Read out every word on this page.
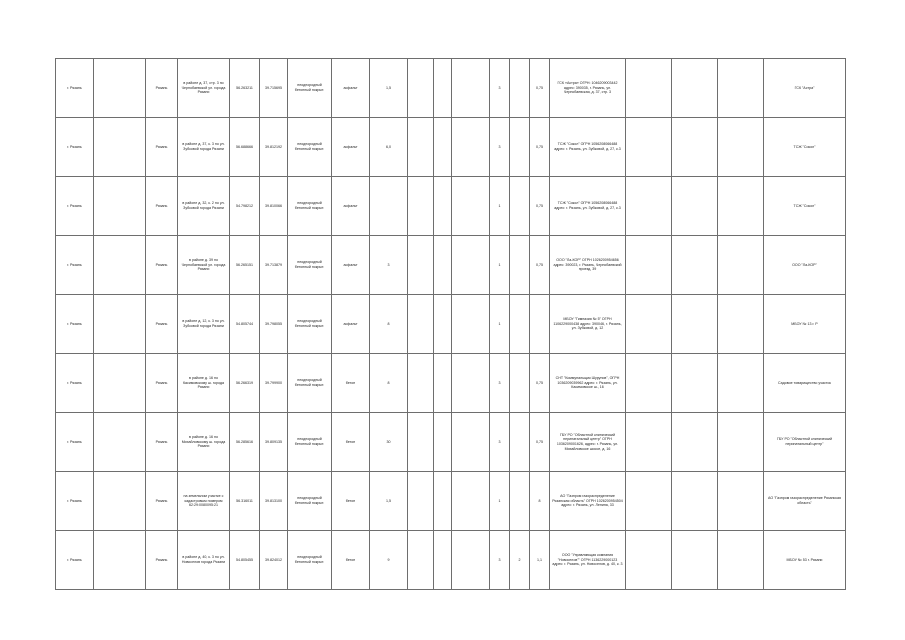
г. Рязань		Рязань	в районе д. 37, стр. 3 по Чернобаевской ул. города Рязани	56.263211	39.715695	неоднородный бетонный покрыт.	асфальт	1,5				3		0,75	ГСК «Астра» ОГРН: 1046209003442 адрес: 390035, г. Рязань, ул. Чернобаевская, д. 37, стр. 3				ГСК "Астра"
г. Рязань		Рязань	в районе д. 37, к. 3 по ул. Зубковой города Рязани	56.688666	39.812192	неоднородный бетонный покрыт.	асфальт	6,0				3		0,75	ТСЖ "Сокол" ОГРН 1056208066488 адрес: г. Рязань, ул. Зубковой, д. 27, к.3				ТСЖ "Сокол"
г. Рязань		Рязань	в районе д. 32, к. 2 по ул. Зубковой города Рязани	54.798212	39.810066	неоднородный бетонный покрыт.	асфальт					1		0,75	ТСЖ "Сокол" ОГРН 1056208066488 адрес: г. Рязань, ул. Зубковой, д. 27, к.3				ТСЖ "Сокол"
г. Рязань		Рязань	в районе д. 39 по Чернобаевской ул. города Рязани	56.265151	39.713879	неоднородный бетонный покрыт.	асфальт	3				1		0,75	ООО "Ла-КОР" ОГРН 1026200954656 адрес: 390023, г. Рязань, Чернобаевский проезд, 39				ООО "Ла-КОР"
г. Рязань		Рязань	в районе д. 12, к. 3 по ул. Зубковой города Рязани	54.805744	39.798055	неоднородный бетонный покрыт.	асфальт	8				1			МБОУ "Гимназия № 5" ОГРН 1106229000438 адрес: 390046, г. Рязань, ул. Зубковой, д. 12				МБОУ № 13 г. Р
г. Рязань		Рязань	в районе д. 16 по Касимовскому ш. города Рязани	56.266319	39.799900	неоднородный бетонный покрыт.	бетон	8				3		0,75	СНТ "Коммунальщик Шурупов", ОГРН 1036209039962 адрес: г. Рязань, ул. Касимовское ш., 16				Садовое товарищество участок
г. Рязань		Рязань	в районе д. 16 по Михайловскому ш. города Рязани	56.285616	39.809135	неоднородный бетонный покрыт.	бетон	30				3		0,75	ГБУ РО "Областной клинический перинатальный центр" ОГРН 1036209001626, адрес: г. Рязань, ул. Михайловское шоссе, д. 16				ГБУ РО "Областной клинический перинатальный центр"
г. Рязань		Рязань	на земельном участке с кадастровым номером 62:29:0080095:21	56.316011	39.813100	неоднородный бетонный покрыт.	бетон	1,5				1		8	АО "Газпром газораспределение Рязанская область" ОГРН 1026200954504 адрес: г. Рязань, ул. Ленина, 33				АО "Газпром газораспределение Рязанская область"
г. Рязань		Рязань	в районе д. 40, к. 3 по ул. Новоселов города Рязани	54.805455	39.824012	неоднородный бетонный покрыт.	бетон	9				3	2	1,1	ООО "Управляющая компания "Новоселов"" ОГРН 1136229000123 адрес: г. Рязань, ул. Новоселов, д. 40, к. 3				МБОУ № 53 г. Рязани
